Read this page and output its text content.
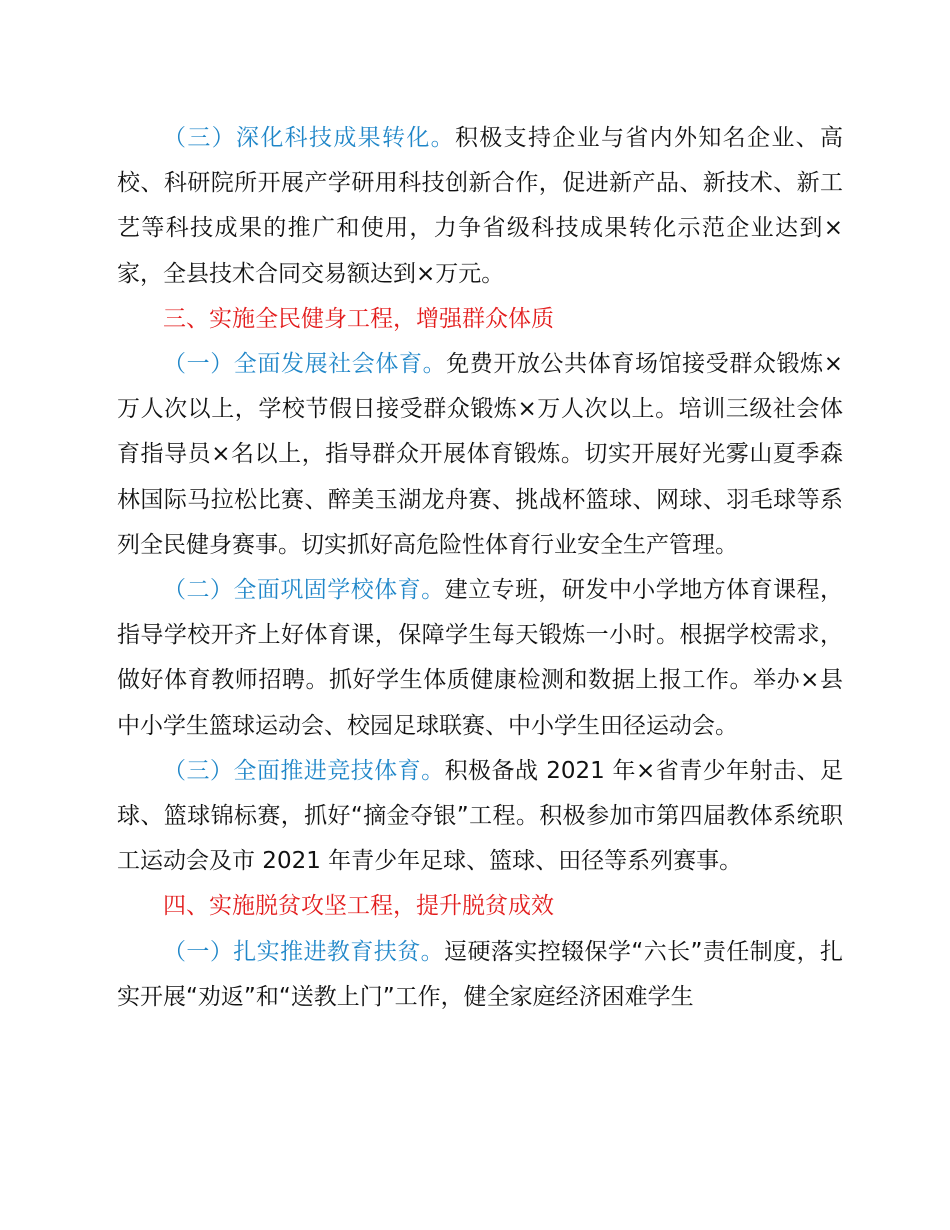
（三）深化科技成果转化。积极支持企业与省内外知名企业、高校、科研院所开展产学研用科技创新合作，促进新产品、新技术、新工艺等科技成果的推广和使用，力争省级科技成果转化示范企业达到×家，全县技术合同交易额达到×万元。

三、实施全民健身工程，增强群众体质

（一）全面发展社会体育。免费开放公共体育场馆接受群众锻炼×万人次以上，学校节假日接受群众锻炼×万人次以上。培训三级社会体育指导员×名以上，指导群众开展体育锻炼。切实开展好光雾山夏季森林国际马拉松比赛、醉美玉湖龙舟赛、挑战杯篮球、网球、羽毛球等系列全民健身赛事。切实抓好高危险性体育行业安全生产管理。

（二）全面巩固学校体育。建立专班，研发中小学地方体育课程，指导学校开齐上好体育课，保障学生每天锻炼一小时。根据学校需求，做好体育教师招聘。抓好学生体质健康检测和数据上报工作。举办×县中小学生篮球运动会、校园足球联赛、中小学生田径运动会。

（三）全面推进竞技体育。积极备战 2021 年×省青少年射击、足球、篮球锦标赛，抓好“摘金夺银”工程。积极参加市第四届教体系统职工运动会及市 2021 年青少年足球、篮球、田径等系列赛事。

四、实施脱贫攻坚工程，提升脱贫成效

（一）扎实推进教育扶贫。逗硬落实控辍保学“六长”责任制度，扎实开展“劝返”和“送教上门”工作，健全家庭经济困难学生
